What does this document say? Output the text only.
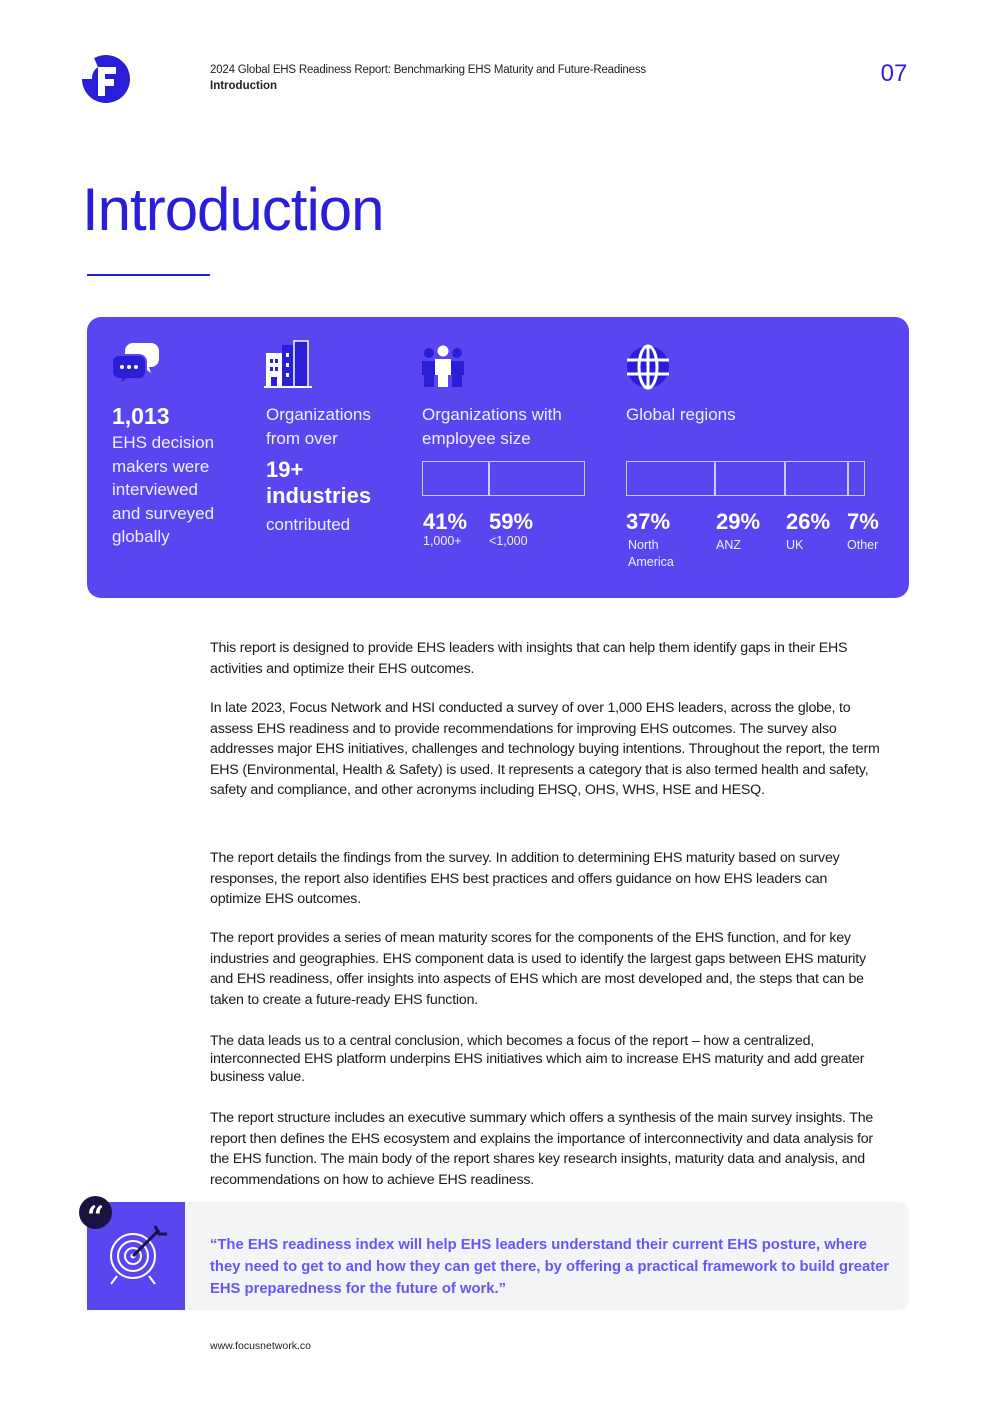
2024 Global EHS Readiness Report: Benchmarking EHS Maturity and Future-Readiness
Introduction	07
Introduction
1,013
EHS decision
makers were
interviewed
and surveyed
globally
Organizations
from over
19+
industries
contributed
Organizations with
employee size
41%
1,000+
59%
<1,000
Global regions
37%
North
America
29%
ANZ
26%
UK
7%
Other

This report is designed to provide EHS leaders with insights that can help them identify gaps in their EHS activities and optimize their EHS outcomes.

In late 2023, Focus Network and HSI conducted a survey of over 1,000 EHS leaders, across the globe, to assess EHS readiness and to provide recommendations for improving EHS outcomes. The survey also addresses major EHS initiatives, challenges and technology buying intentions. Throughout the report, the term EHS (Environmental, Health & Safety) is used. It represents a category that is also termed health and safety, safety and compliance, and other acronyms including EHSQ, OHS, WHS, HSE and HESQ.

The report details the findings from the survey. In addition to determining EHS maturity based on survey responses, the report also identifies EHS best practices and offers guidance on how EHS leaders can optimize EHS outcomes.

The report provides a series of mean maturity scores for the components of the EHS function, and for key industries and geographies. EHS component data is used to identify the largest gaps between EHS maturity and EHS readiness, offer insights into aspects of EHS which are most developed and, the steps that can be taken to create a future-ready EHS function.

The data leads us to a central conclusion, which becomes a focus of the report – how a centralized, interconnected EHS platform underpins EHS initiatives which aim to increase EHS maturity and add greater business value.

The report structure includes an executive summary which offers a synthesis of the main survey insights. The report then defines the EHS ecosystem and explains the importance of interconnectivity and data analysis for the EHS function. The main body of the report shares key research insights, maturity data and analysis, and recommendations on how to achieve EHS readiness.

“
“The EHS readiness index will help EHS leaders understand their current EHS posture, where they need to get to and how they can get there, by offering a practical framework to build greater EHS preparedness for the future of work.”
www.focusnetwork.co
